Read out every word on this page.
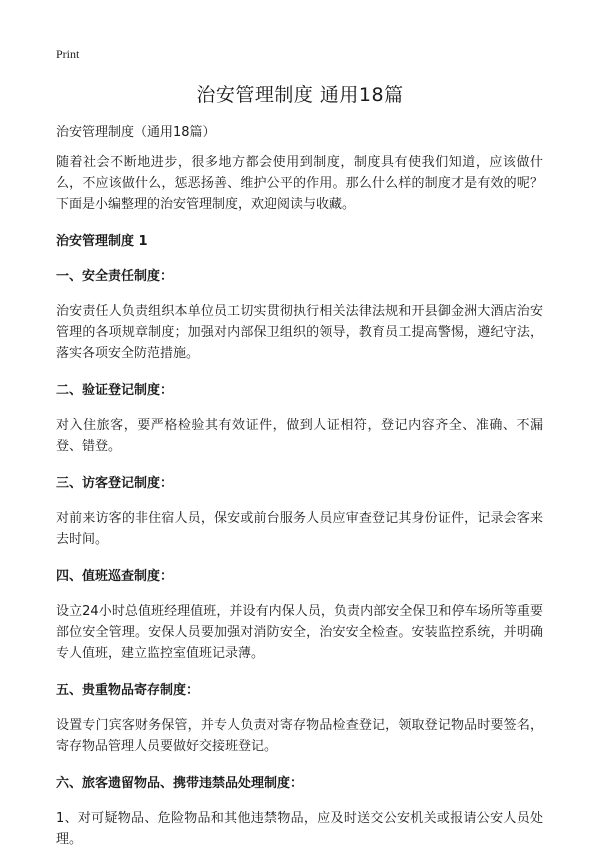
Print
治安管理制度 通用18篇

治安管理制度（通用18篇）

随着社会不断地进步，很多地方都会使用到制度，制度具有使我们知道，应该做什么，不应该做什么，惩恶扬善、维护公平的作用。那么什么样的制度才是有效的呢？下面是小编整理的治安管理制度，欢迎阅读与收藏。

治安管理制度 1

一、安全责任制度：

治安责任人负责组织本单位员工切实贯彻执行相关法律法规和开县御金洲大酒店治安管理的各项规章制度；加强对内部保卫组织的领导，教育员工提高警惕，遵纪守法，落实各项安全防范措施。

二、验证登记制度：

对入住旅客，要严格检验其有效证件，做到人证相符，登记内容齐全、准确、不漏登、错登。

三、访客登记制度：

对前来访客的非住宿人员，保安或前台服务人员应审查登记其身份证件，记录会客来去时间。

四、值班巡查制度：

设立24小时总值班经理值班，并设有内保人员，负责内部安全保卫和停车场所等重要部位安全管理。安保人员要加强对消防安全，治安安全检查。安装监控系统，并明确专人值班，建立监控室值班记录薄。

五、贵重物品寄存制度：

设置专门宾客财务保管，并专人负责对寄存物品检查登记，领取登记物品时要签名，寄存物品管理人员要做好交接班登记。

六、旅客遗留物品、携带违禁品处理制度：

1、对可疑物品、危险物品和其他违禁物品，应及时送交公安机关或报请公安人员处理。
